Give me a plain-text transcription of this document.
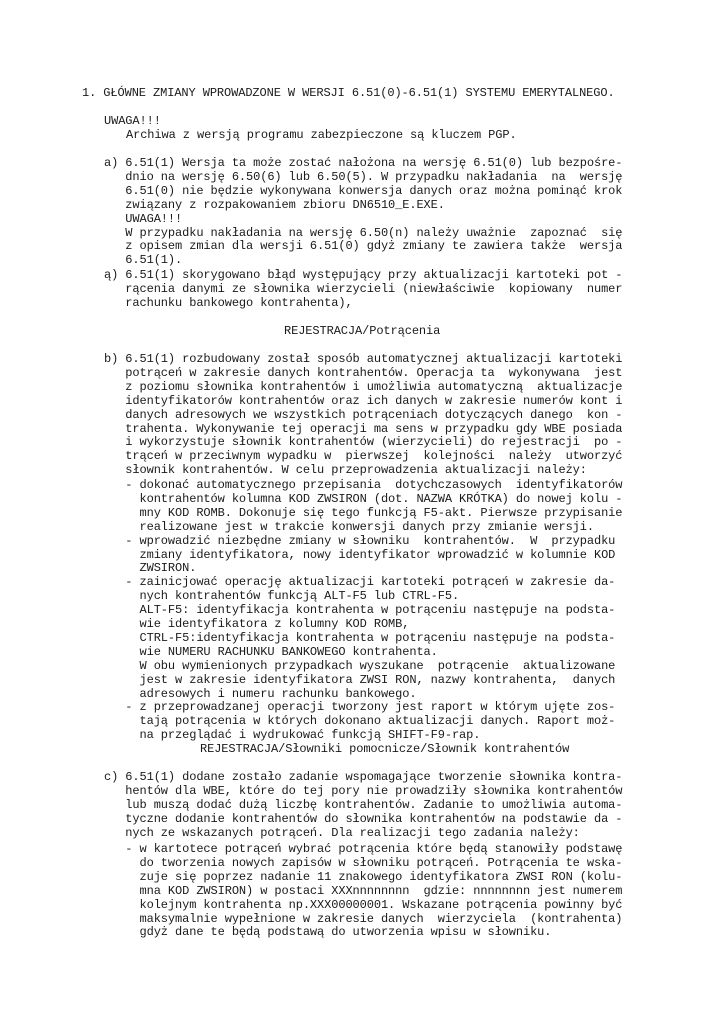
1. GŁÓWNE ZMIANY WPROWADZONE W WERSJI 6.51(0)-6.51(1) SYSTEMU EMERYTALNEGO.
UWAGA!!!
Archiwa z wersją programu zabezpieczone są kluczem PGP.
a) 6.51(1) Wersja ta może zostać nałożona na wersję 6.51(0) lub bezpośre-
dnio na wersję 6.50(6) lub 6.50(5). W przypadku nakładania  na  wersję
6.51(0) nie będzie wykonywana konwersja danych oraz można pominąć krok
związany z rozpakowaniem zbioru DN6510_E.EXE.
UWAGA!!!
W przypadku nakładania na wersję 6.50(n) należy uważnie  zapoznać  się
z opisem zmian dla wersji 6.51(0) gdyż zmiany te zawiera także  wersja
6.51(1).
ą) 6.51(1) skorygowano błąd występujący przy aktualizacji kartoteki pot -
rącenia danymi ze słownika wierzycieli (niewłaściwie  kopiowany  numer
rachunku bankowego kontrahenta),
REJESTRACJA/Potrącenia
b) 6.51(1) rozbudowany został sposób automatycznej aktualizacji kartoteki
potrąceń w zakresie danych kontrahentów. Operacja ta  wykonywana  jest
z poziomu słownika kontrahentów i umożliwia automatyczną  aktualizacje
identyfikatorów kontrahentów oraz ich danych w zakresie numerów kont i
danych adresowych we wszystkich potrąceniach dotyczących danego  kon -
trahenta. Wykonywanie tej operacji ma sens w przypadku gdy WBE posiada
i wykorzystuje słownik kontrahentów (wierzycieli) do rejestracji  po -
trąceń w przeciwnym wypadku w  pierwszej  kolejności  należy  utworzyć
słownik kontrahentów. W celu przeprowadzenia aktualizacji należy:
- dokonać automatycznego przepisania  dotychczasowych  identyfikatorów
kontrahentów kolumna KOD ZWSIRON (dot. NAZWA KRÓTKA) do nowej kolu -
mny KOD ROMB. Dokonuje się tego funkcją F5-akt. Pierwsze przypisanie
realizowane jest w trakcie konwersji danych przy zmianie wersji.
- wprowadzić niezbędne zmiany w słowniku  kontrahentów.  W  przypadku
zmiany identyfikatora, nowy identyfikator wprowadzić w kolumnie KOD
ZWSIRON.
- zainicjować operację aktualizacji kartoteki potrąceń w zakresie da-
nych kontrahentów funkcją ALT-F5 lub CTRL-F5.
ALT-F5: identyfikacja kontrahenta w potrąceniu następuje na podsta-
wie identyfikatora z kolumny KOD ROMB,
CTRL-F5:identyfikacja kontrahenta w potrąceniu następuje na podsta-
wie NUMERU RACHUNKU BANKOWEGO kontrahenta.
W obu wymienionych przypadkach wyszukane  potrącenie  aktualizowane
jest w zakresie identyfikatora ZWSI RON, nazwy kontrahenta,  danych
adresowych i numeru rachunku bankowego.
- z przeprowadzanej operacji tworzony jest raport w którym ujęte zos-
tają potrącenia w których dokonano aktualizacji danych. Raport moż-
na przeglądać i wydrukować funkcją SHIFT-F9-rap.
REJESTRACJA/Słowniki pomocnicze/Słownik kontrahentów
c) 6.51(1) dodane zostało zadanie wspomagające tworzenie słownika kontra-
hentów dla WBE, które do tej pory nie prowadziły słownika kontrahentów
lub muszą dodać dużą liczbę kontrahentów. Zadanie to umożliwia automa-
tyczne dodanie kontrahentów do słownika kontrahentów na podstawie da -
nych ze wskazanych potrąceń. Dla realizacji tego zadania należy:
- w kartotece potrąceń wybrać potrącenia które będą stanowiły podstawę
do tworzenia nowych zapisów w słowniku potrąceń. Potrącenia te wska-
zuje się poprzez nadanie 11 znakowego identyfikatora ZWSI RON (kolu-
mna KOD ZWSIRON) w postaci XXXnnnnnnnn  gdzie: nnnnnnnn jest numerem
kolejnym kontrahenta np.XXX00000001. Wskazane potrącenia powinny być
maksymalnie wypełnione w zakresie danych  wierzyciela  (kontrahenta)
gdyż dane te będą podstawą do utworzenia wpisu w słowniku.
